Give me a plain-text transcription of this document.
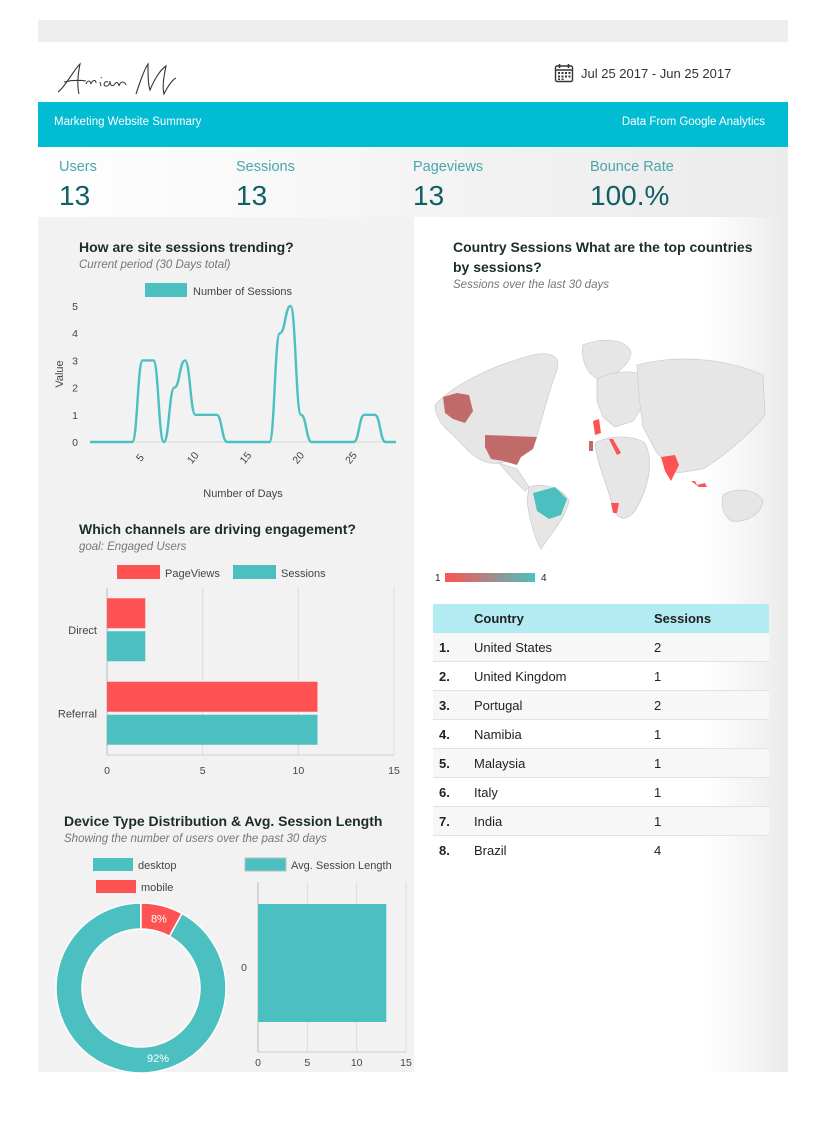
Arian M
Jul 25 2017 - Jun 25 2017
Marketing Website Summary	Data From Google Analytics
Users
13
Sessions
13
Pageviews
13
Bounce Rate
100.%
How are site sessions trending?
Current period (30 Days total)
Number of Sessions
0
1
2
3
4
5
5	10	15	20	25
Value
Number of Days
Which channels are driving engagement?
goal: Engaged Users
PageViews	Sessions
0	5	10	15
Direct
Referral
Device Type Distribution & Avg. Session Length
Showing the number of users over the past 30 days
desktop
mobile
92%
8%
Avg. Session Length
0	5	10	15
0
Country Sessions What are the top countries
by sessions?
Sessions over the last 30 days
1	4
	Country	Sessions
1.	United States	2
2.	United Kingdom	1
3.	Portugal	2
4.	Namibia	1
5.	Malaysia	1
6.	Italy	1
7.	India	1
8.	Brazil	4
